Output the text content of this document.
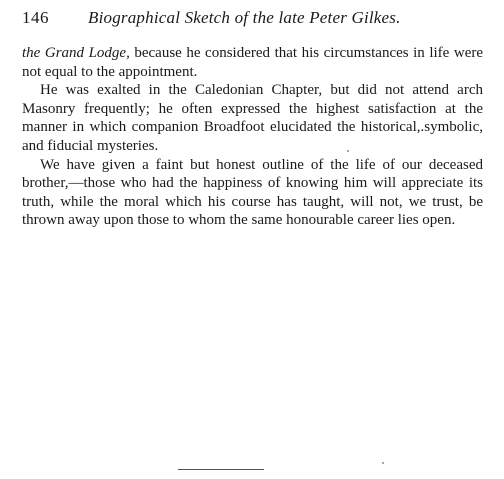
146 Biographical Sketch of the late Peter Gilkes.

the Grand Lodge, because he considered that his circumstances in life were not equal to the appointment.

He was exalted in the Caledonian Chapter, but did not attend arch Masonry frequently; he often expressed the highest satisfaction at the manner in which companion Broadfoot elucidated the historical,.symbolic, and fiducial mysteries.

We have given a faint but honest outline of the life of our deceased brother,—those who had the happiness of knowing him will appreciate its truth, while the moral which his course has taught, will not, we trust, be thrown away upon those to whom the same honourable career lies open.
